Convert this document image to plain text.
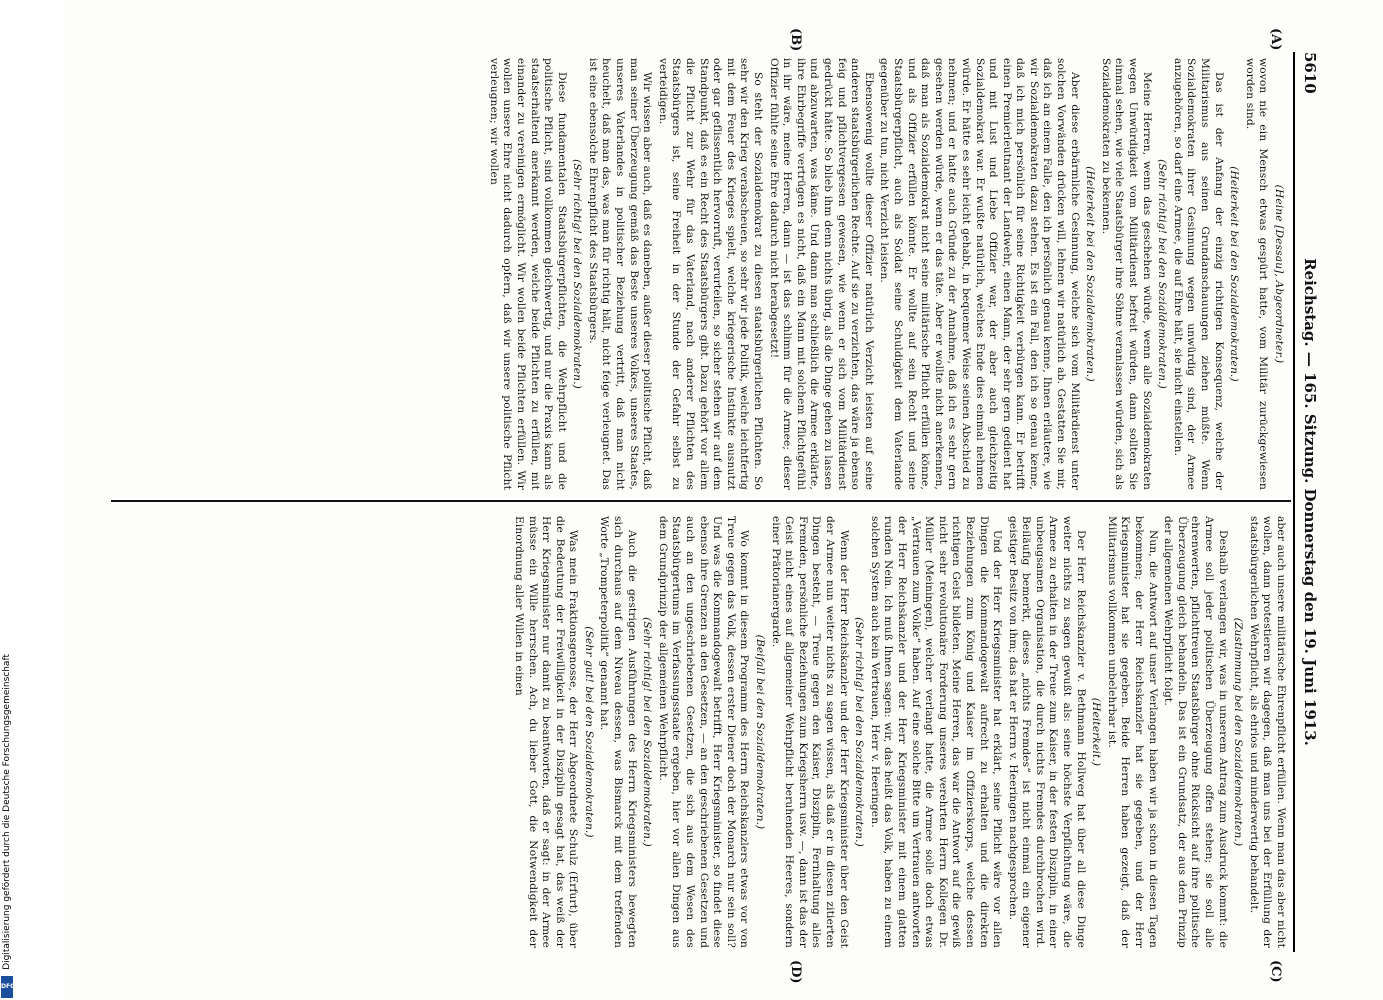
5610
Reichstag. — 165. Sitzung. Donnerstag den 19. Juni 1913.
(A)
(B)
(C)
(D)

(Heine [Dessau], Abgeordneter.)

wovon nie ein Mensch etwas gespürt hatte, vom Militär zurückgewiesen worden sind.

(Heiterkeit bei den Sozialdemokraten.)

Das ist der Anfang der einzig richtigen Konsequenz, welche der Militarismus aus seinen Grundanschauungen ziehen müßte. Wenn Sozialdemokraten ihrer Gesinnung wegen unwürdig sind, der Armee anzugehören, so darf eine Armee, die auf Ehre hält, sie nicht einstellen.

(Sehr richtig! bei den Sozialdemokraten.)

Meine Herren, wenn das geschehen würde, wenn alle Sozialdemokraten wegen Unwürdigkeit vom Militärdienst befreit würden, dann sollten Sie einmal sehen, wie viele Staatsbürger ihre Söhne veranlassen würden, sich als Sozialdemokraten zu bekennen.

(Heiterkeit bei den Sozialdemokraten.)

Aber diese erbärmliche Gesinnung, welche sich vom Militärdienst unter solchen Vorwänden drücken will, lehnen wir natürlich ab. Gestatten Sie mir, daß ich an einem Falle, den ich persönlich genau kenne, Ihnen erläutere, wie wir Sozialdemokraten dazu stehen. Es ist ein Fall, den ich so genau kenne, daß ich mich persönlich für seine Richtigkeit verbürgen kann. Er betrifft einen Premierleutnant der Landwehr, einen Mann, der sehr gern gedient hat und mit Lust und Liebe Offizier war, der aber auch gleichzeitig Sozialdemokrat war. Er wußte natürlich, welches Ende dies einmal nehmen würde. Er hätte es sehr leicht gehabt, in bequemer Weise seinen Abschied zu nehmen; und er hatte auch Gründe zu der Annahme, daß ich es sehr gern gesehen werden würde, wenn er das täte. Aber er wollte nicht anerkennen, daß man als Sozialdemokrat nicht seine militärische Pflicht erfüllen könne, und als Offizier erfüllen könnte. Er wollte auf sein Recht und seine Staatsbürgerpflicht, auch als Soldat seine Schuldigkeit dem Vaterlande gegenüber zu tun, nicht Verzicht leisten.

Ebensowenig wollte dieser Offizier natürlich Verzicht leisten auf seine anderen staatsbürgerlichen Rechte. Auf sie zu verzichten, das wäre ja ebenso feig und pflichtvergessen gewesen, wie wenn er sich vom Militärdienst gedrückt hätte. So blieb ihm denn nichts übrig, als die Dinge gehen zu lassen und abzuwarten, was käme. Und dann man schließlich die Armee erklärte, ihre Ehrbegriffe vertrügen es nicht, daß ein Mann mit solchem Pflichtgefühl in ihr wäre, meine Herren, dann — ist das schlimm für die Armee; dieser Offizier fühlte seine Ehre dadurch nicht herabgesetzt!

So steht der Sozialdemokrat zu diesen staatsbürgerlichen Pflichten. So sehr wir den Krieg verabscheuen, so sehr wir jede Politik, welche leichtfertig mit dem Feuer des Krieges spielt, welche kriegerische Instinkte ausnutzt oder gar geflissentlich hervorruft, verurteilen, so sicher stehen wir auf dem Standpunkt, daß es ein Recht des Staatsbürgers gibt. Dazu gehört vor allem die Pflicht zur Wehr für das Vaterland, nach anderer Pflichten des Staatsbürgers ist, seine Freiheit in der Stunde der Gefahr selbst zu verteidigen.

Wir wissen aber auch, daß es daneben, außer dieser politische Pflicht, daß man seiner Überzeugung gemäß das Beste unseres Volkes, unseres Staates, unseres Vaterlandes in politischer Beziehung vertritt, daß man nicht heuchelt, daß man das, was man für richtig hält, nicht feige verleugnet. Das ist eine ebensolche Ehrenpflicht des Staatsbürgers.

(Sehr richtig! bei den Sozialdemokraten.)

Diese fundamentalen Staatsbürgerpflichten, die Wehrpflicht und die politische Pflicht, sind vollkommen gleichwertig, und nur die Praxis kann als staatserhaltend anerkannt werden, welche beide Pflichten zu erfüllen, mit einander zu vereinigen ermöglicht. Wir wollen beide Pflichten erfüllen. Wir wollen unsere Ehre nicht dadurch opfern, daß wir unsere politische Pflicht verleugnen; wir wollen

aber auch unsere militärische Ehrenpflicht erfüllen. Wenn man das aber nicht wollen, dann protestieren wir dagegen, daß man uns bei der Erfüllung der staatsbürgerlichen Wehrpflicht, als ehrlos und minderwertig behandelt.

(Zustimmung bei den Sozialdemokraten.)

Deshalb verlangen wir, was in unserem Antrag zum Ausdruck kommt: die Armee soll jeder politischen Überzeugung offen stehen; sie soll alle ehrenwerten, pflichttreuen Staatsbürger ohne Rücksicht auf ihre politische Überzeugung gleich behandeln. Das ist ein Grundsatz, der aus dem Prinzip der allgemeinen Wehrpflicht folgt.

Nun, die Antwort auf unser Verlangen haben wir ja schon in diesen Tagen bekommen; der Herr Reichskanzler hat sie gegeben, und der Herr Kriegsminister hat sie gegeben. Beide Herren haben gezeigt, daß der Militarismus vollkommen unbelehrbar ist.

(Heiterkeit.)

Der Herr Reichskanzler v. Bethmann Hollweg hat über all diese Dinge weiter nichts zu sagen gewußt als: seine höchste Verpflichtung wäre, die Armee zu erhalten in der Treue zum Kaiser, in der festen Disziplin, in einer unbeugsamen Organisation, die durch nichts Fremdes durchbrochen wird. Beiläufig bemerkt, dieses „nichts Fremdes“ ist nicht einmal ein eigener geistiger Besitz von ihm; das hat er Herrn v. Heeringen nachgesprochen.

Und der Herr Kriegsminister hat erklärt, seine Pflicht wäre vor allen Dingen die Kommandogewalt aufrecht zu erhalten und die direkten Beziehungen zum König und Kaiser im Offizierskorps, welche dessen richtigen Geist bildeten. Meine Herren, das war die Antwort auf die gewiß nicht sehr revolutionäre Forderung unseres verehrten Herrn Kollegen Dr. Müller (Meiningen), welcher verlangt hatte, die Armee solle doch etwas „Vertrauen zum Volke“ haben. Auf eine solche Bitte um Vertrauen antworten der Herr Reichskanzler und der Herr Kriegsminister mit einem glatten runden Nein. Ich muß Ihnen sagen: wir, das heißt das Volk, haben zu einem solchen System auch kein Vertrauen, Herr v. Heeringen.

(Sehr richtig! bei den Sozialdemokraten.)

Wenn der Herr Reichskanzler und der Herr Kriegsminister über den Geist der Armee nun weiter nichts zu sagen wissen, als daß er in diesen zitierten Dingen besteht, — Treue gegen den Kaiser, Disziplin, Fernhaltung alles Fremden, persönliche Beziehungen zum Kriegsherrn usw. —, dann ist das der Geist nicht eines auf allgemeiner Wehrpflicht beruhenden Heeres, sondern einer Prätorianergarde.

(Beifall bei den Sozialdemokraten.)

Wo kommt in diesem Programm des Herrn Reichskanzlers etwas vor von Treue gegen das Volk, dessen erster Diener doch der Monarch nur sein soll? Und was die Kommandogewalt betrifft, Herr Kriegsminister, so findet diese ebenso ihre Grenzen an den Gesetzen, — an den geschriebenen Gesetzen und auch an den ungeschriebenen Gesetzen, die sich aus dem Wesen des Staatsbürgertums im Verfassungsstaate ergeben, hier vor allen Dingen aus dem Grundprinzip der allgemeinen Wehrpflicht.

(Sehr richtig! bei den Sozialdemokraten.)

Auch die gestrigen Ausführungen des Herrn Kriegsministers bewegten sich durchaus auf dem Niveau dessen, was Bismarck mit dem treffenden Worte „Trompeterpolitik“ genannt hat.

(Sehr gut! bei den Sozialdemokraten.)

Was mein Fraktionsgenosse, der Herr Abgeordnete Schulz (Erfurt), über die Bedeutung der Freiwilligkeit in der Disziplin gesagt hat, das weiß der Herr Kriegsminister nur damit zu beantworten, daß er sagt: in der Armee müsse ein Wille herrschen. Ach, du lieber Gott, die Notwendigkeit der Einordnung aller Willen in einen

Digitalisierung gefördert durch die Deutsche Forschungsgemeinschaft
DFG
